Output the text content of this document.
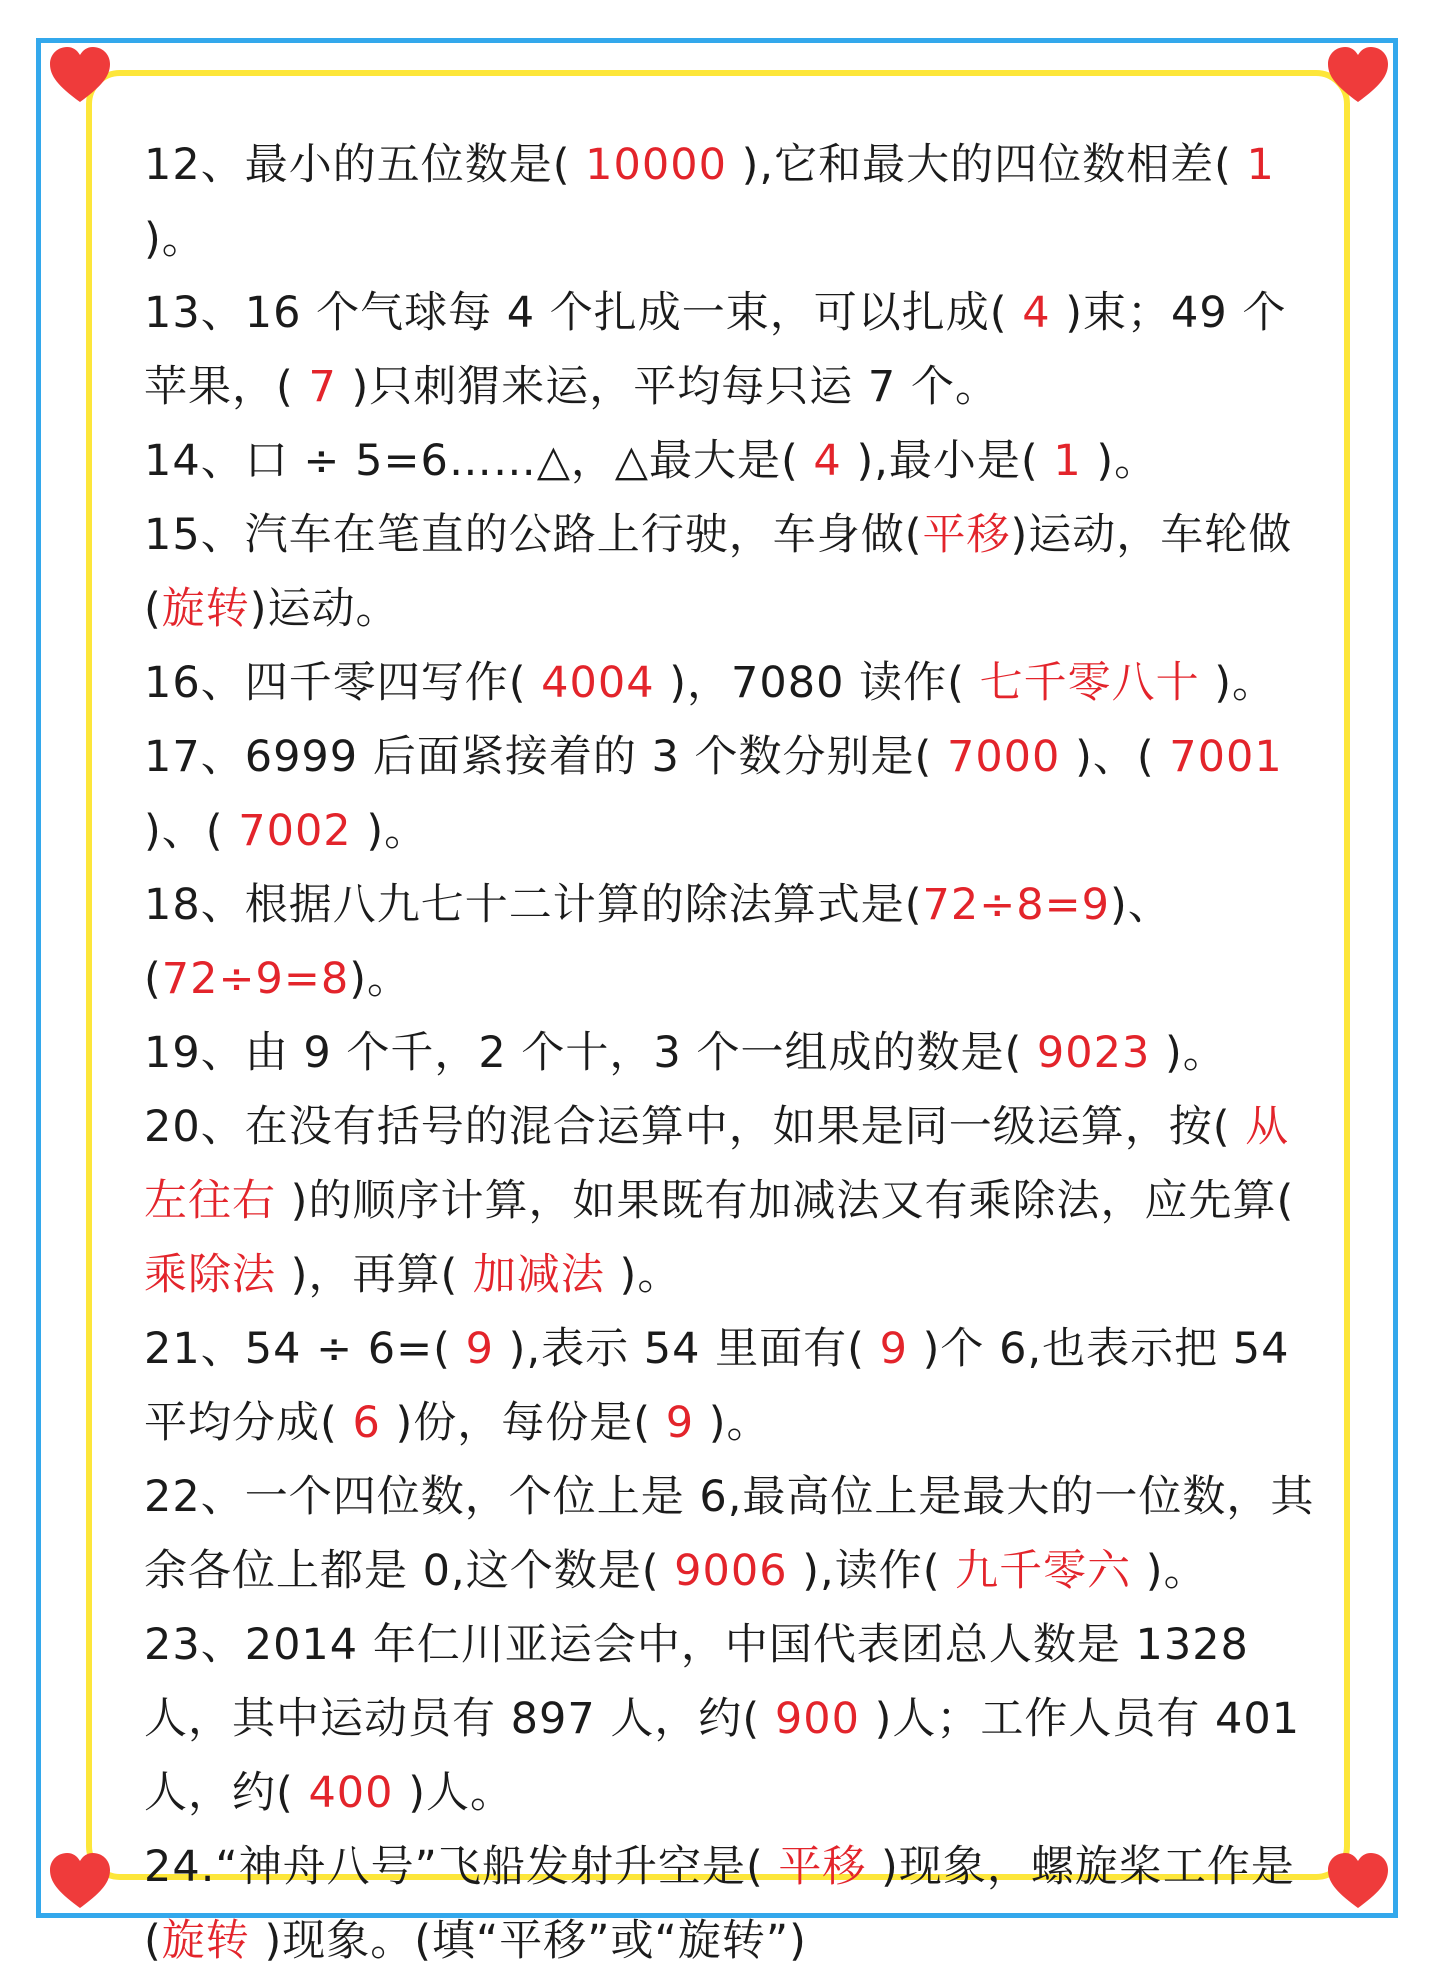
12、最小的五位数是( 10000 ),它和最大的四位数相差( 1 )。
13、16 个气球每 4 个扎成一束，可以扎成( 4 )束；49 个苹果，( 7 )只刺猬来运，平均每只运 7 个。
14、口 ÷ 5=6……△，△最大是( 4 ),最小是( 1 )。
15、汽车在笔直的公路上行驶，车身做(平移)运动，车轮做(旋转)运动。
16、四千零四写作( 4004 )，7080 读作( 七千零八十 )。
17、6999 后面紧接着的 3 个数分别是( 7000 )、( 7001 )、( 7002 )。
18、根据八九七十二计算的除法算式是(72÷8=9)、(72÷9=8)。
19、由 9 个千，2 个十，3 个一组成的数是( 9023 )。
20、在没有括号的混合运算中，如果是同一级运算，按( 从左往右 )的顺序计算，如果既有加减法又有乘除法，应先算( 乘除法 )，再算( 加减法 )。
21、54 ÷ 6=( 9 ),表示 54 里面有( 9 )个 6,也表示把 54 平均分成( 6 )份，每份是( 9 )。
22、一个四位数，个位上是 6,最高位上是最大的一位数，其余各位上都是 0,这个数是( 9006 ),读作( 九千零六 )。
23、2014 年仁川亚运会中，中国代表团总人数是 1328 人，其中运动员有 897 人，约( 900 )人；工作人员有 401 人，约( 400 )人。
24.“神舟八号”飞船发射升空是( 平移 )现象，螺旋桨工作是(旋转 )现象。(填“平移”或“旋转”)
